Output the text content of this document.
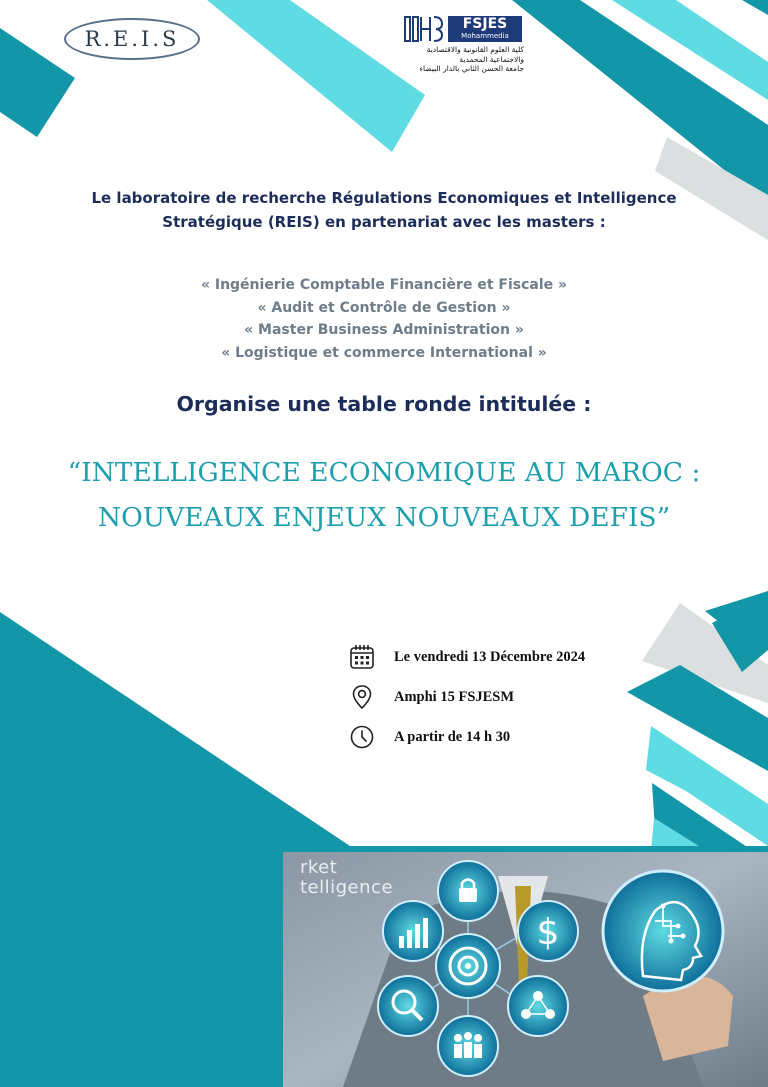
R.E.I.S
FSJES
Mohammedia
كلية العلوم القانونية والاقتصادية
والاجتماعية المحمدية
جامعة الحسن الثاني بالدار البيضاء
Le laboratoire de recherche Régulations Economiques et Intelligence
Stratégique (REIS) en partenariat avec les masters :
« Ingénierie Comptable Financière et Fiscale »
« Audit et Contrôle de Gestion »
« Master Business Administration »
« Logistique et commerce International »
Organise une table ronde intitulée :
“INTELLIGENCE ECONOMIQUE AU MAROC :
NOUVEAUX ENJEUX NOUVEAUX DEFIS”
Le vendredi 13 Décembre 2024
Amphi 15 FSJESM
A partir de 14 h 30
$
rket
telligence
